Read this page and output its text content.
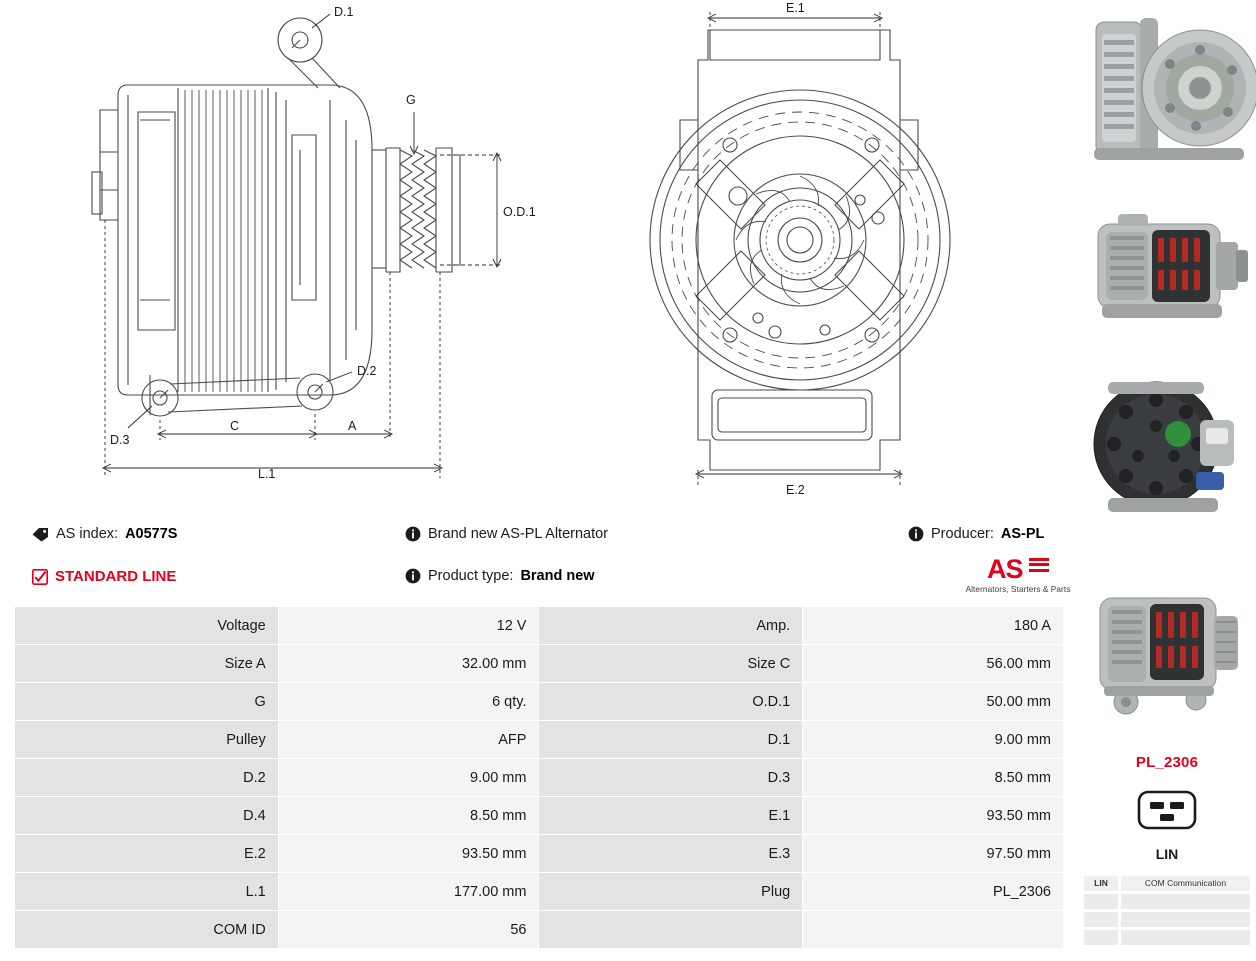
D.1
G
O.D.1
D.2
D.3
C	A
L.1
E.1
E.2
PL_2306
LIN
LIN	COM Communication
AS index: A0577S
STANDARD LINE
Brand new AS-PL Alternator
Product type: Brand new
Producer: AS-PL
AS
Alternators, Starters & Parts
Voltage	12 V	Amp.	180 A
Size A	32.00 mm	Size C	56.00 mm
G	6 qty.	O.D.1	50.00 mm
Pulley	AFP	D.1	9.00 mm
D.2	9.00 mm	D.3	8.50 mm
D.4	8.50 mm	E.1	93.50 mm
E.2	93.50 mm	E.3	97.50 mm
L.1	177.00 mm	Plug	PL_2306
COM ID	56		
